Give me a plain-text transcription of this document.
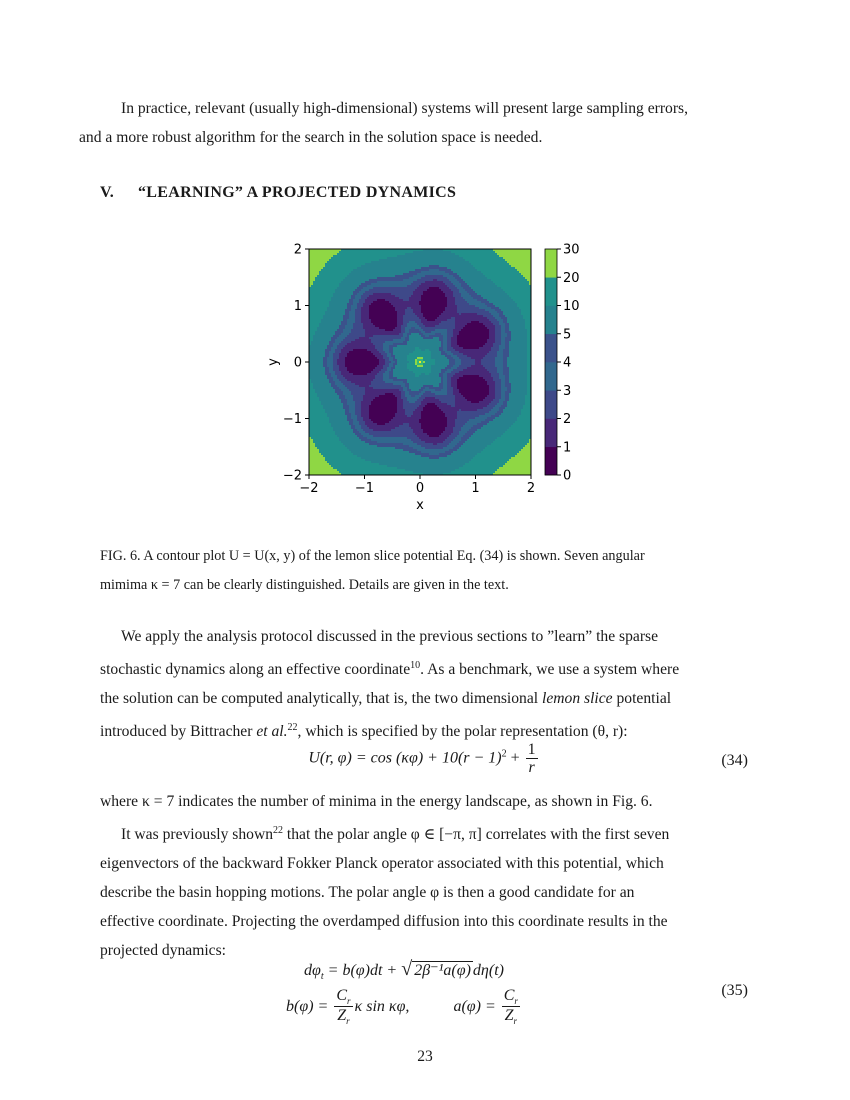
In practice, relevant (usually high-dimensional) systems will present large sampling errors,
and a more robust algorithm for the search in the solution space is needed.
V. “LEARNING” A PROJECTED DYNAMICS
−2	−1	0	1	2
−2
−1
0
1
2
x
y
0
1
2
3
4
5
10
20
30
FIG. 6. A contour plot U = U(x, y) of the lemon slice potential Eq. (34) is shown. Seven angular
mimima κ = 7 can be clearly distinguished. Details are given in the text.
We apply the analysis protocol discussed in the previous sections to ”learn” the sparse
stochastic dynamics along an effective coordinate$^{10}$. As a benchmark, we use a system where
the solution can be computed analytically, that is, the two dimensional lemon slice potential
introduced by Bittracher et al.$^{22}$, which is specified by the polar representation (θ, r):
U(r, $\varphi) = \cos (\kappa\varphi) + 10(r - 1)^2 + \frac{1}{r}$	(34)
where κ = 7 indicates the number of minima in the energy landscape, as shown in Fig. 6.
It was previously shown$^{22}$ that the polar angle φ ∈ [−π, π] correlates with the first seven
eigenvectors of the backward Fokker Planck operator associated with this potential, which
describe the basin hopping motions. The polar angle φ is then a good candidate for an
effective coordinate. Projecting the overdamped diffusion into this coordinate results in the
projected dynamics:
$d\varphi_t = b(\varphi)dt$ + √ 2β⁻¹a(φ) dη(t)
$b(\varphi) = \frac{C_r}{Z_r}$ κ sin κφ,	$a(\varphi) = \frac{C_r}{Z_r}$	(35)
23
